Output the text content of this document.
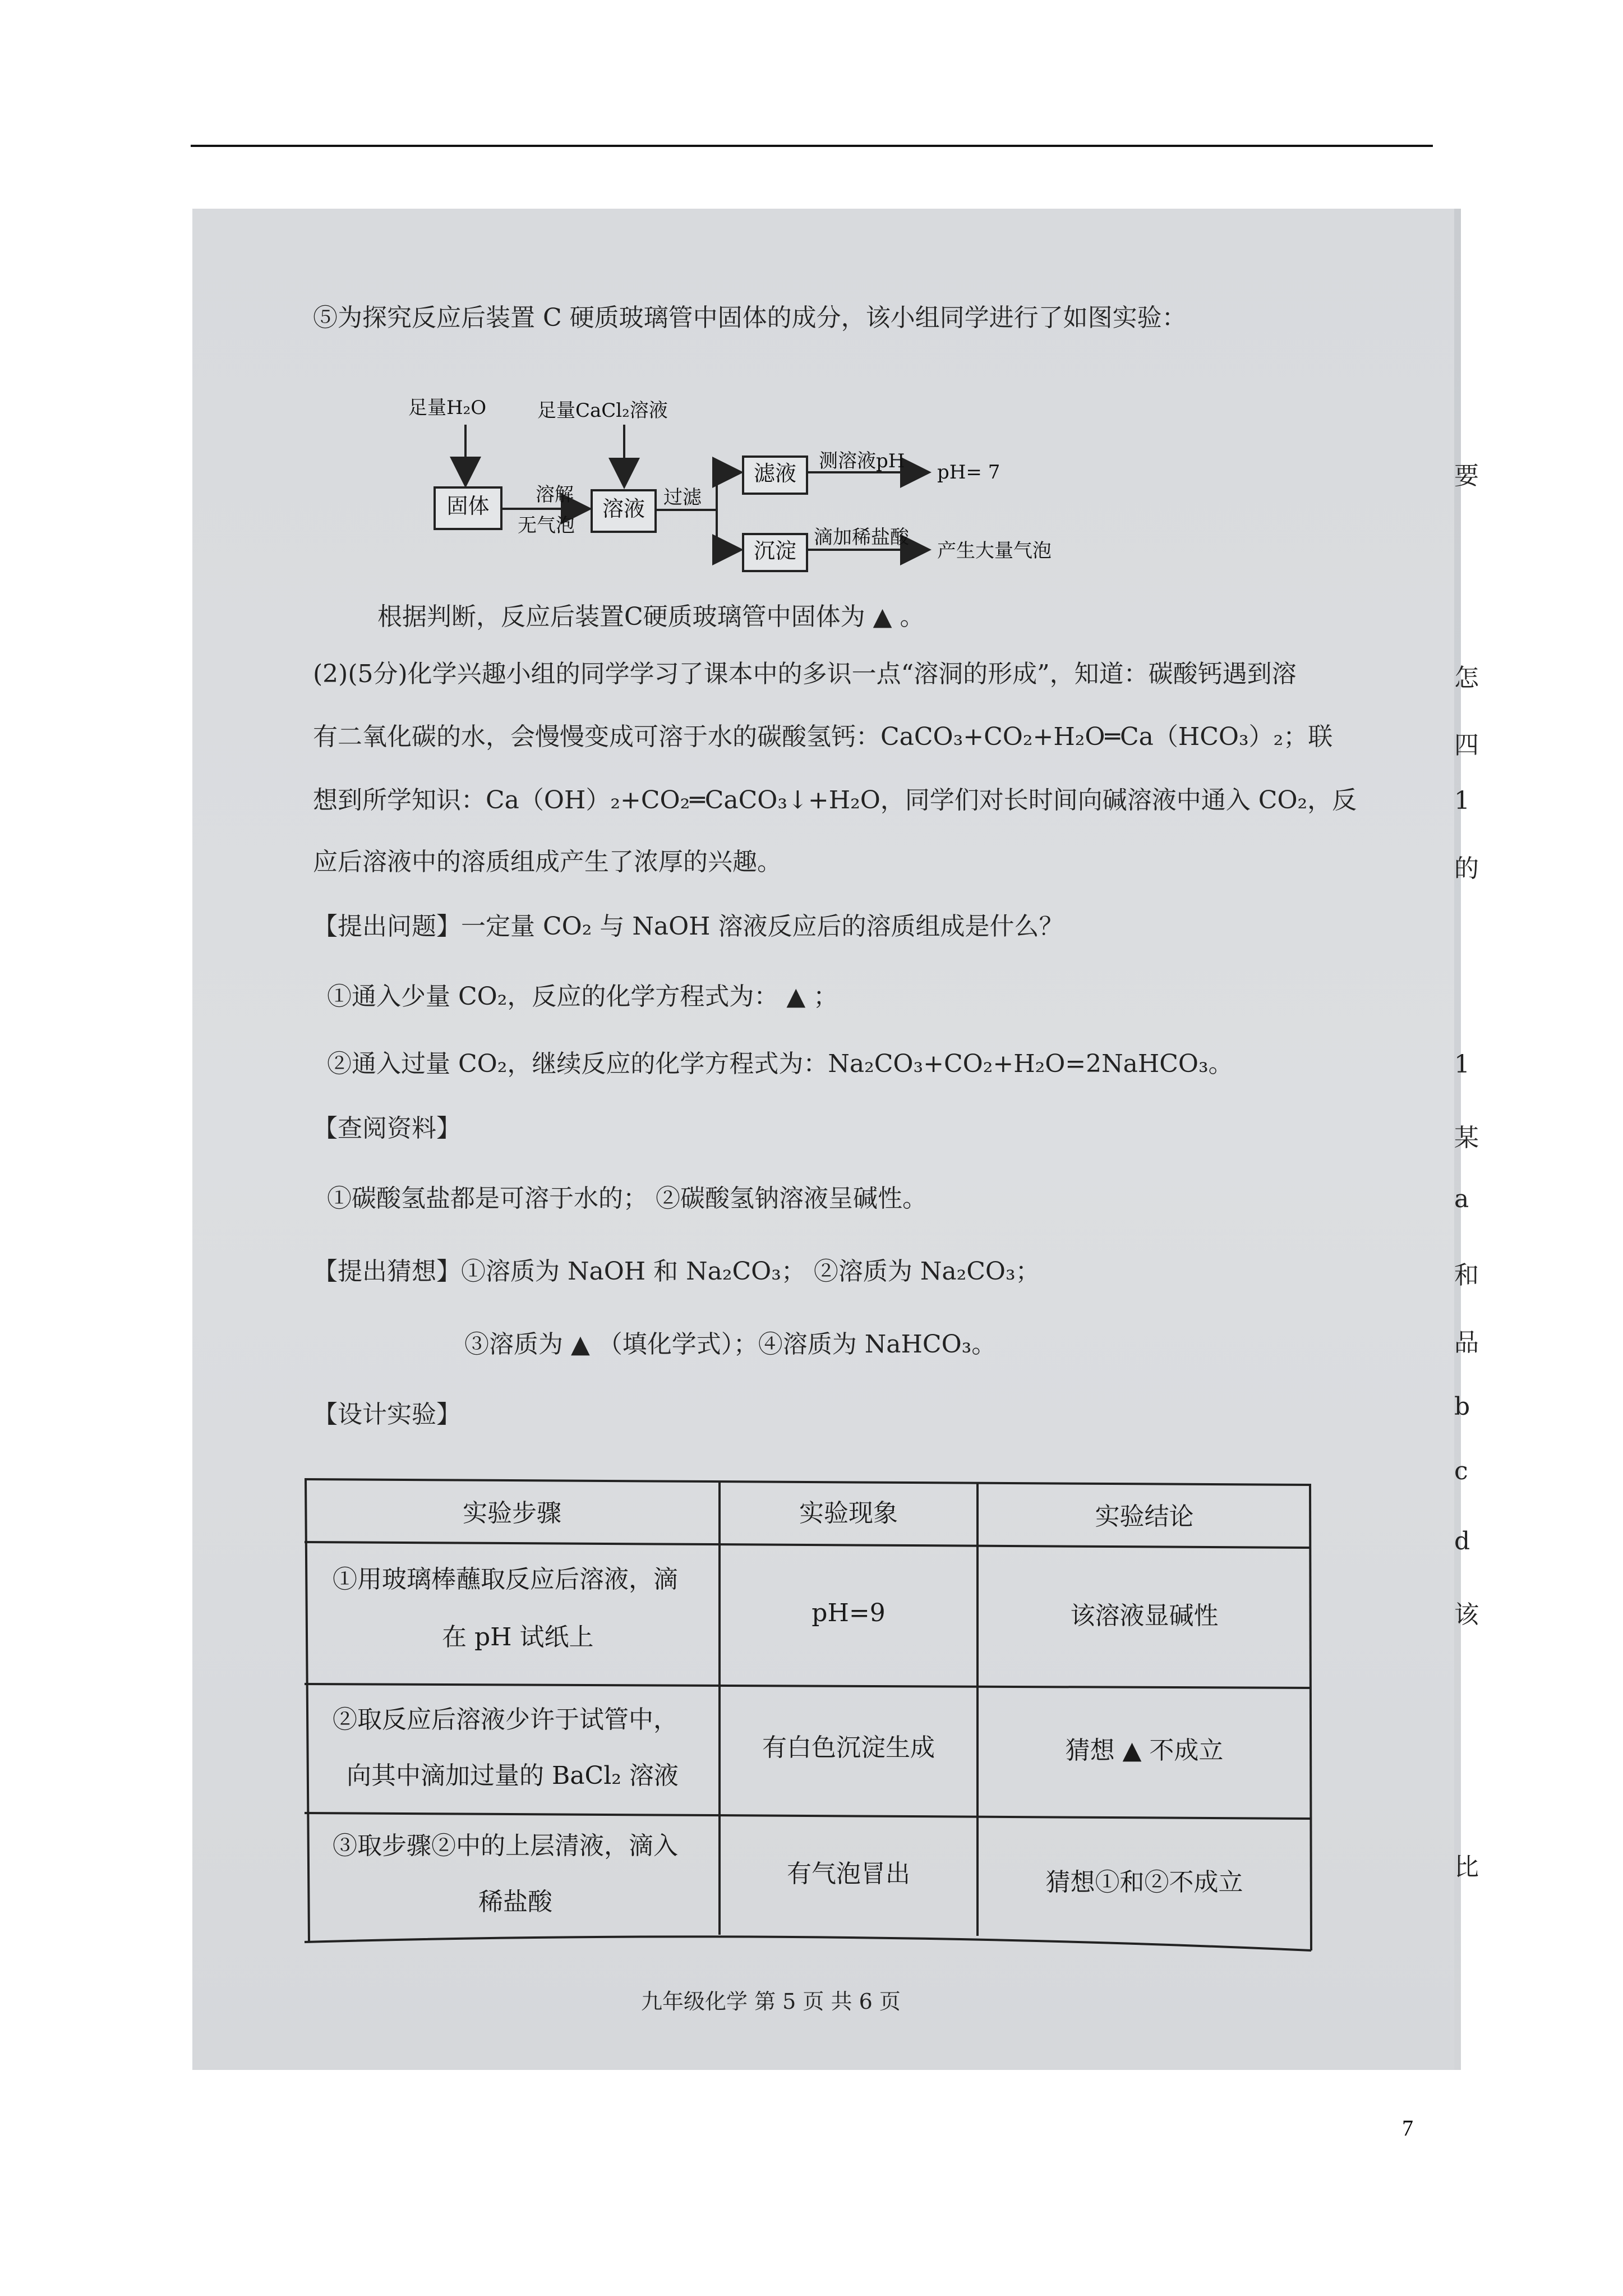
⑤为探究反应后装置 C 硬质玻璃管中固体的成分，该小组同学进行了如图实验：
足量H₂O	足量CaCl₂溶液
固体	溶解
无气泡
溶液 过滤
滤液	测溶液pH pH= 7
沉淀
滴加稀盐酸
产生大量气泡
根据判断，反应后装置C硬质玻璃管中固体为 ▲ 。
(2)(5分)化学兴趣小组的同学学习了课本中的多识一点“溶洞的形成”，知道：碳酸钙遇到溶
有二氧化碳的水，会慢慢变成可溶于水的碳酸氢钙：CaCO₃+CO₂+H₂O═Ca（HCO₃）₂；联
想到所学知识：Ca（OH）₂+CO₂═CaCO₃↓+H₂O，同学们对长时间向碱溶液中通入 CO₂，反
应后溶液中的溶质组成产生了浓厚的兴趣。
【提出问题】一定量 CO₂ 与 NaOH 溶液反应后的溶质组成是什么？
①通入少量 CO₂，反应的化学方程式为： ▲ ；
②通入过量 CO₂，继续反应的化学方程式为：Na₂CO₃+CO₂+H₂O=2NaHCO₃。
【查阅资料】
①碳酸氢盐都是可溶于水的； ②碳酸氢钠溶液呈碱性。
【提出猜想】①溶质为 NaOH 和 Na₂CO₃； ②溶质为 Na₂CO₃；
③溶质为 ▲ （填化学式）；④溶质为 NaHCO₃。
【设计实验】
实验步骤	实验现象	实验结论
①用玻璃棒蘸取反应后溶液，滴
在 pH 试纸上
pH=9	该溶液显碱性
②取反应后溶液少许于试管中，
向其中滴加过量的 BaCl₂ 溶液
有白色沉淀生成	猜想 ▲ 不成立
③取步骤②中的上层清液，滴入
稀盐酸
有气泡冒出	猜想①和②不成立
九年级化学 第 5 页 共 6 页
要
怎
四
1
的
1
某
a
和
品
b
c
d
该
比
7
